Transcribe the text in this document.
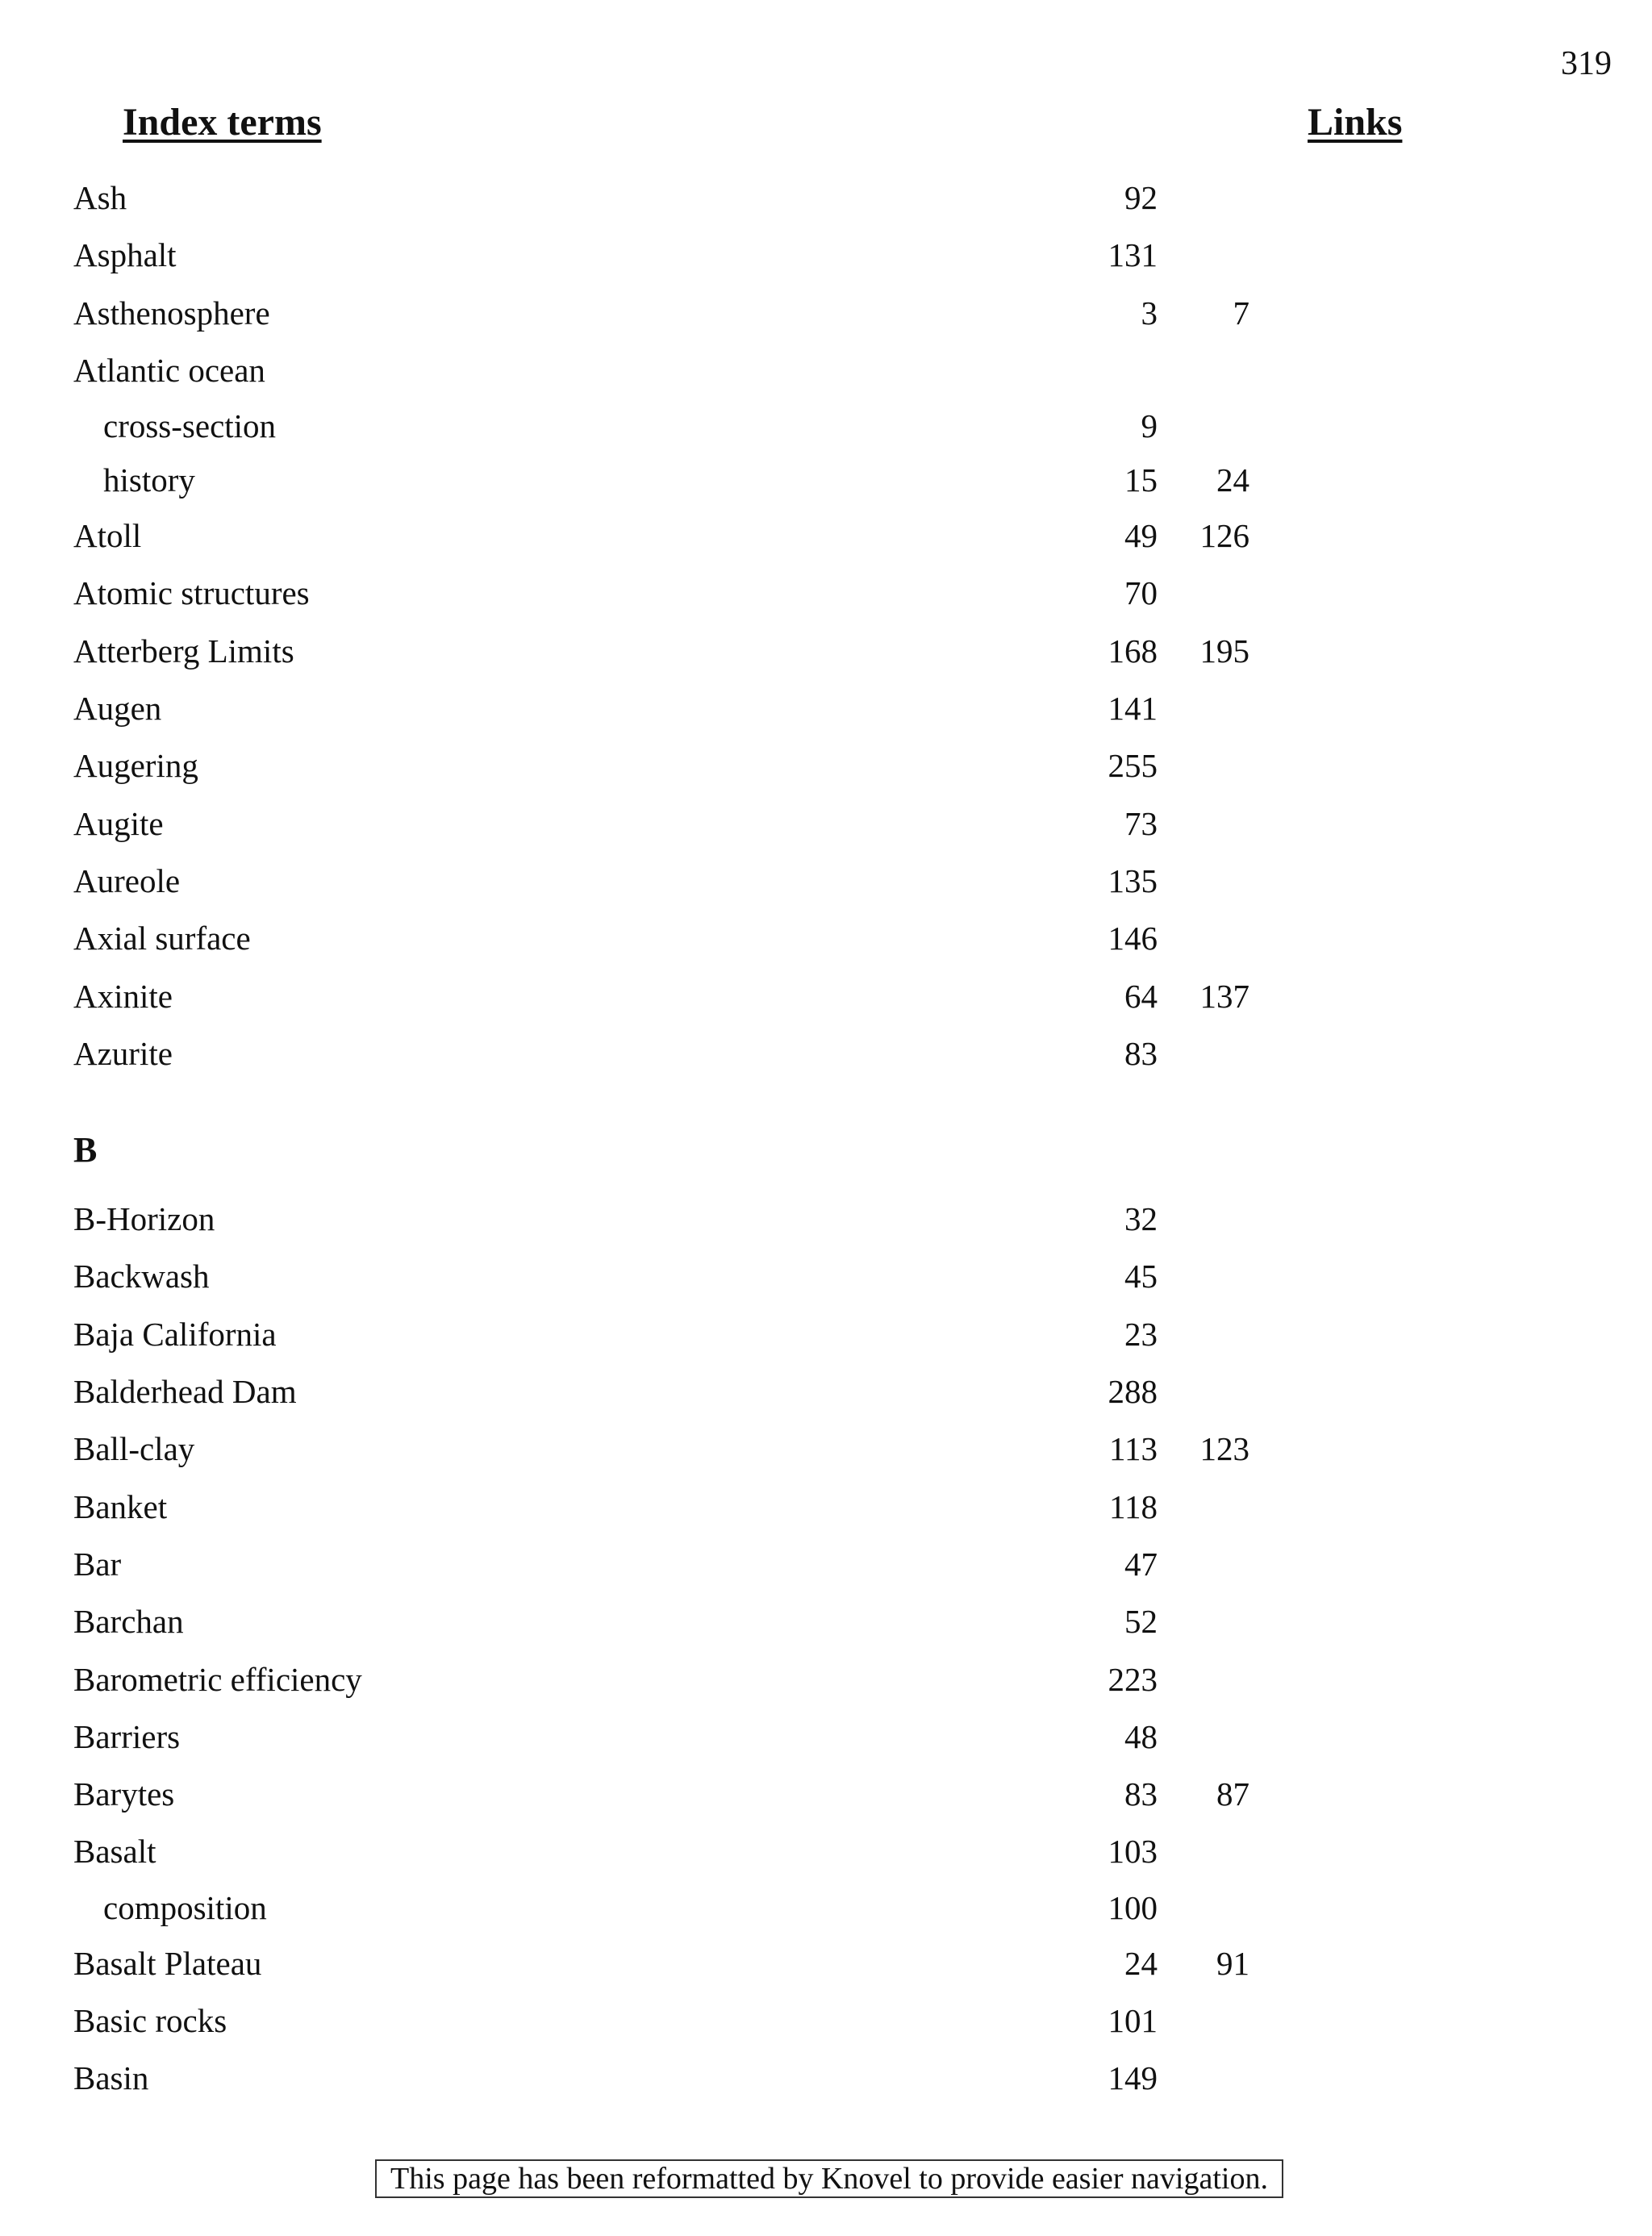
319
Index terms	Links
Ash	92
Asphalt	131
Asthenosphere	3	7
Atlantic ocean
cross-section	9
history	15	24
Atoll	49	126
Atomic structures	70
Atterberg Limits	168	195
Augen	141
Augering	255
Augite	73
Aureole	135
Axial surface	146
Axinite	64	137
Azurite	83
B
B-Horizon	32
Backwash	45
Baja California	23
Balderhead Dam	288
Ball-clay	113	123
Banket	118
Bar	47
Barchan	52
Barometric efficiency	223
Barriers	48
Barytes	83	87
Basalt	103
composition	100
Basalt Plateau	24	91
Basic rocks	101
Basin	149
This page has been reformatted by Knovel to provide easier navigation.
